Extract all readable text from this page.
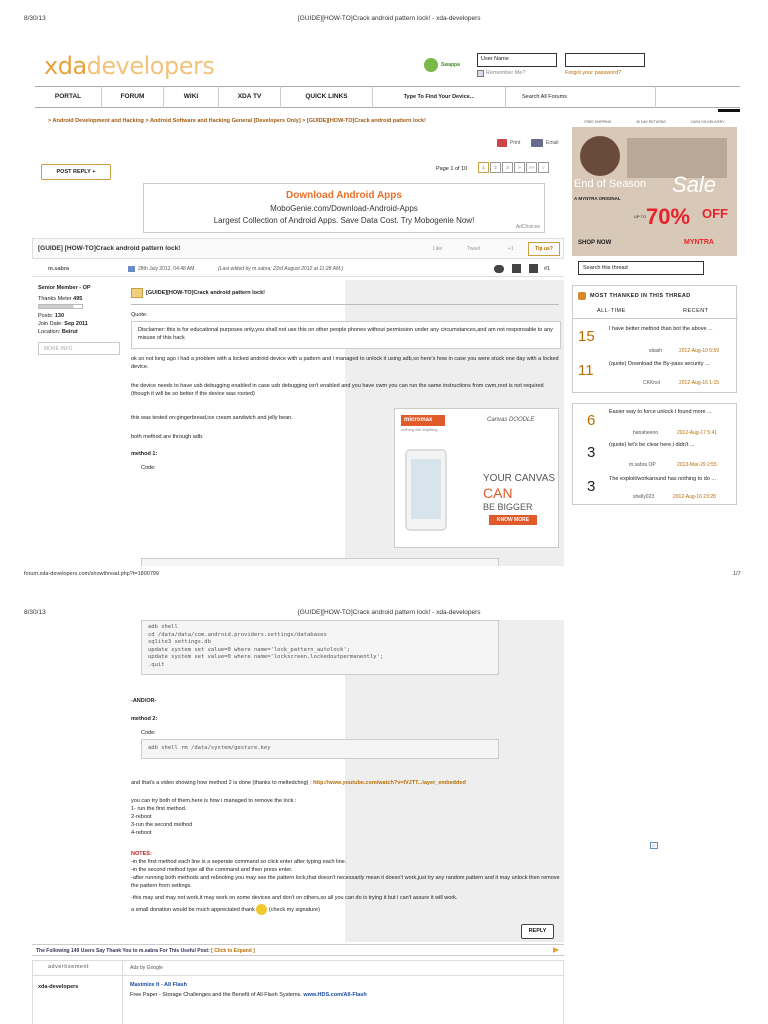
8/30/13	[GUIDE][HOW-TO]Crack android pattern lock! - xda-developers
xdadevelopers	Swappa
User Name
Remember Me?	Forgot your password?
PORTAL	FORUM	WIKI	XDA TV	QUICK LINKS	Type To Find Your Device...	Search All Forums
> Android Development and Hacking > Android Software and Hacking General [Developers Only] > [GUIDE][HOW-TO]Crack android pattern lock!
Print	Email
POST REPLY +	Page 1 of 10	1 2 3 > >> ▿
Download Android Apps
MoboGenie.com/Download-Android-Apps
Largest Collection of Android Apps. Save Data Cost. Try Mobogenie Now!
AdChoices
[GUIDE] [HOW-TO]Crack android pattern lock!	Like	Tweet	+1	Tip us?
m.sabra	28th July 2012, 04:48 AM	(Last edited by m.sabra; 23rd August 2012 at 11:28 AM.)	#1
Senior Member - OP
Thanks Meter 495
Posts: 130
Join Date: Sep 2011
Location: Beirut
MORE INFO
[GUIDE][HOW-TO]Crack android pattern lock!
Quote:
Disclaimer: this is for educational purposes only,you shall not use this on other people phones without permission under any circumstances,and am not responsable to any misuse of this hack
ok so not long ago i had a problem with a locked android device with a pattern and i managed to unlock it using adb,so here's how in case you were stuck one day with a locked device.
the device needs to have usb debugging enabled in case usb debugging isn't enabled and you have cwm you can run the same instructions from cwm,root is not required (though it will be so better if the device was rooted)
this was tested on:gingerbread,ice cream sandwich and jelly bean.
both method are through adb.
method 1:
Code:
micromax
nothing like anything
Canvas DOODLE
YOUR CANVAS
CAN
BE BIGGER
KNOW MORE
FREE SHIPPING	30 DAY RETURNS	CASH ON DELIVERY
End of Season Sale
A MYNTRA ORIGINAL
UP TO 70% OFF
SHOP NOW	MYNTRA
Search this thread
MOST THANKED IN THIS THREAD
ALL-TIME	RECENT
15	I have better method than bot the above ...
stiash	2012-Aug-10 5:59
11	(quote) Download the By-pass security ...
CKKnol	2012-Aug-16 1:15
6 Easier way to force unlock I found more ...
hanaheeno	2012-Aug-17 5:41
3 (quote) let's be clear here,i didn't ...
m.sabra OP	2013-Mar-29 2:55
3 The exploit/workaround has nothing to do ...
shelly023	2012-Aug-16 23:28
forum.xda-developers.com/showthread.php?t=1800799	1/7
8/30/13	[GUIDE][HOW-TO]Crack android pattern lock! - xda-developers
adb shell
cd /data/data/com.android.providers.settings/databases
sqlite3 settings.db
update system set value=0 where name='lock_pattern_autolock';
update system set value=0 where name='lockscreen.lockedoutpermanently';
.quit
-AND/OR-
method 2:
Code:
adb shell rm /data/system/gesture.key
and that's a video showing how method 2 is done (thanks to meltedchng) : http://www.youtube.com/watch?v=IVJTT...layer_embedded
you can try both of them,here is how i managed to remove the lock :
1- run the first method.
2-reboot
3-run the second method
4-reboot
NOTES:
-in the first method each line is a seperate command so click enter after typing each line.
-in the second method type all the command and then press enter.
-after running both methods and rebooting you may see the pattern lock,that doesn't necessarily mean it doesn't work,just try any random pattern and it may unlock then remove the pattern from settings.
-this may and may not work,it may work on some devices and don't on others,so all you can do is trying it but i can't assure it will work.
a small donation would be much appreciated thank	(check my signature)
▷
REPLY
The Following 149 Users Say Thank You to m.sabra For This Useful Post: [ Click to Expand ]
advertisement	Ads by Google
xda-developers	Maximize It - All Flash
Free Paper - Storage Challenges and the Benefit of All Flash Systems. www.HDS.com/All-Flash
